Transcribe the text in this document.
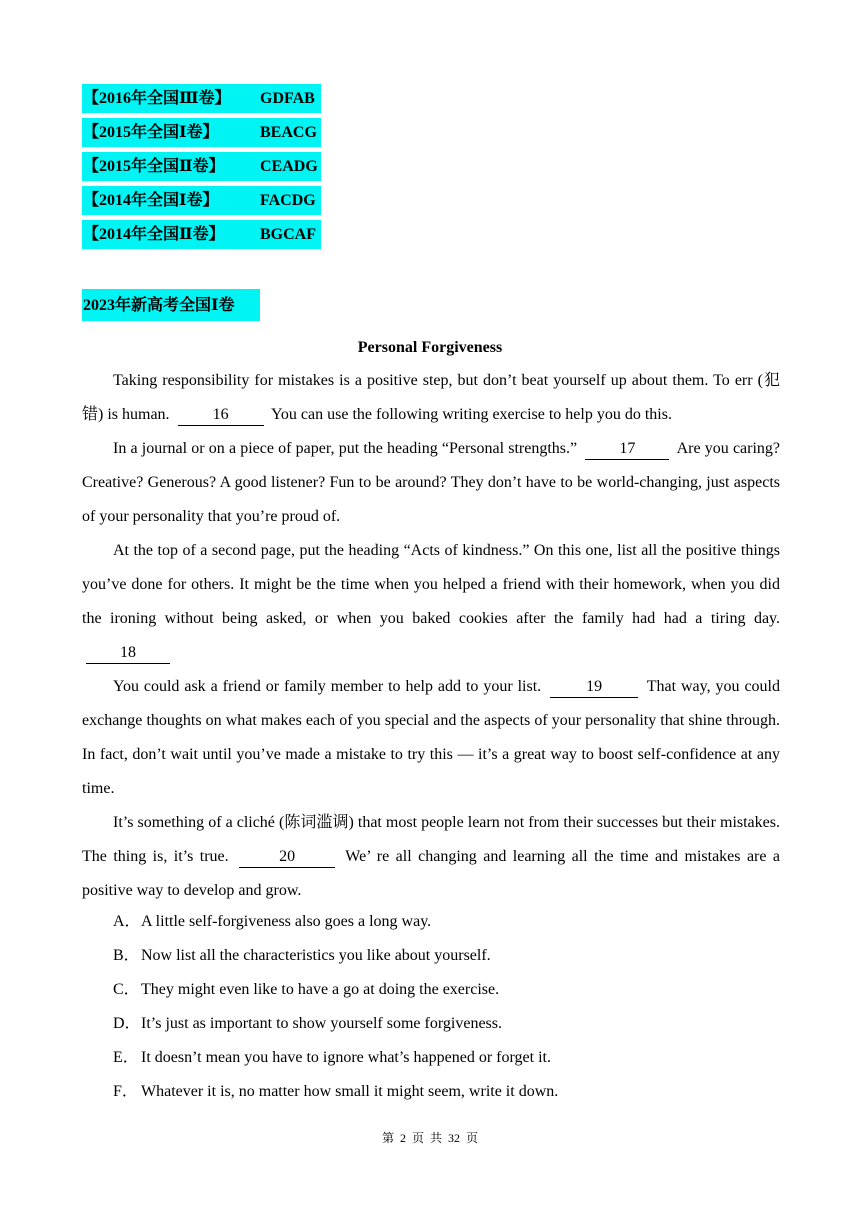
【2016年全国Ⅲ卷】 GDFAB
【2015年全国Ⅰ卷】	BEACG
【2015年全国Ⅱ卷】 CEADG
【2014年全国Ⅰ卷】	FACDG
【2014年全国Ⅱ卷】 BGCAF
2023年新高考全国Ⅰ卷
Personal Forgiveness

Taking responsibility for mistakes is a positive step, but don’t beat yourself up about them. To err (犯错) is human.	16	You can use the following writing exercise to help you do this.

In a journal or on a piece of paper, put the heading “Personal strengths.”	17	Are you caring? Creative? Generous? A good listener? Fun to be around? They don’t have to be world-changing, just aspects of your personality that you’re proud of.

At the top of a second page, put the heading “Acts of kindness.” On this one, list all the positive things you’ve done for others. It might be the time when you helped a friend with their homework, when you did the ironing without being asked, or when you baked cookies after the family had had a tiring day. 18

You could ask a friend or family member to help add to your list.	19	That way, you could exchange thoughts on what makes each of you special and the aspects of your personality that shine through. In fact, don’t wait until you’ve made a mistake to try this — it’s a great way to boost self-confidence at any time.

It’s something of a cliché (陈词滥调) that most people learn not from their successes but their mistakes. The thing is, it’s true.	20	We’ re all changing and learning all the time and mistakes are a positive way to develop and grow.

A．A little self-forgiveness also goes a long way.
B．Now list all the characteristics you like about yourself.
C．They might even like to have a go at doing the exercise.
D．It’s just as important to show yourself some forgiveness.
E． It doesn’t mean you have to ignore what’s happened or forget it.
F． Whatever it is, no matter how small it might seem, write it down.
第 2 页 共 32 页
